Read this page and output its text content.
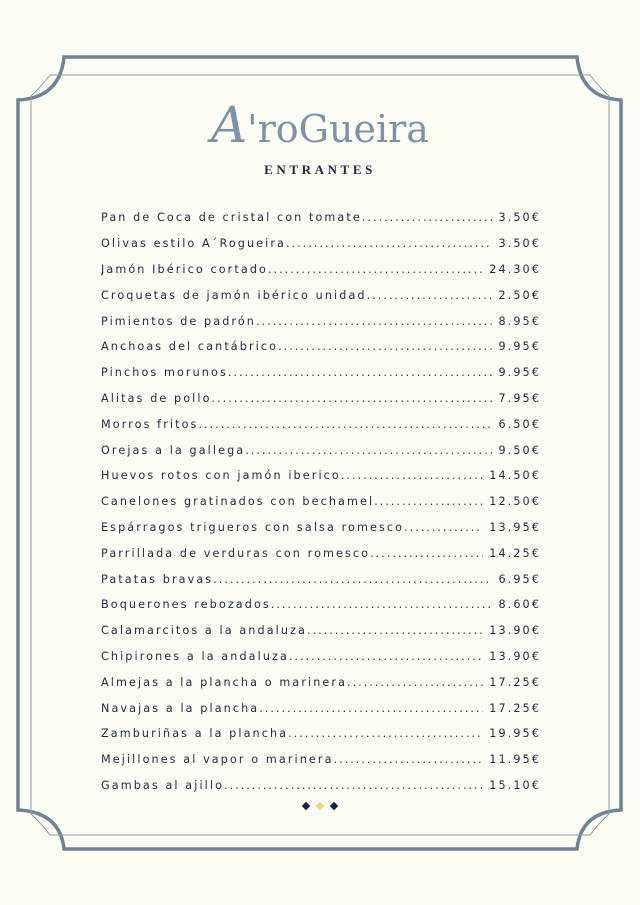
A'roGueira
ENTRANTES
Pan de Coca de cristal con tomate .....	3.50€
Olivas estilo A´Rogueira .....	3.50€
Jamón Ibérico cortado .....	24.30€
Croquetas de jamón ibérico unidad .....	2.50€
Pimientos de padrón .....	8.95€
Anchoas del cantábrico .....	9.95€
Pinchos morunos .....	9.95€
Alitas de pollo .....	7.95€
Morros fritos .....	6.50€
Orejas a la gallega .....	9.50€
Huevos rotos con jamón iberico .....	14.50€
Canelones gratinados con bechamel .....	12.50€
Espárragos trigueros con salsa romesco .....	13.95€
Parrillada de verduras con romesco .....	14.25€
Patatas bravas .....	6.95€
Boquerones rebozados .....	8.60€
Calamarcitos a la andaluza .....	13.90€
Chipirones a la andaluza .....	13.90€
Almejas a la plancha o marinera .....	17.25€
Navajas a la plancha .....	17.25€
Zamburiñas a la plancha .....	19.95€
Mejillones al vapor o marinera .....	11.95€
Gambas al ajillo .....	15.10€
